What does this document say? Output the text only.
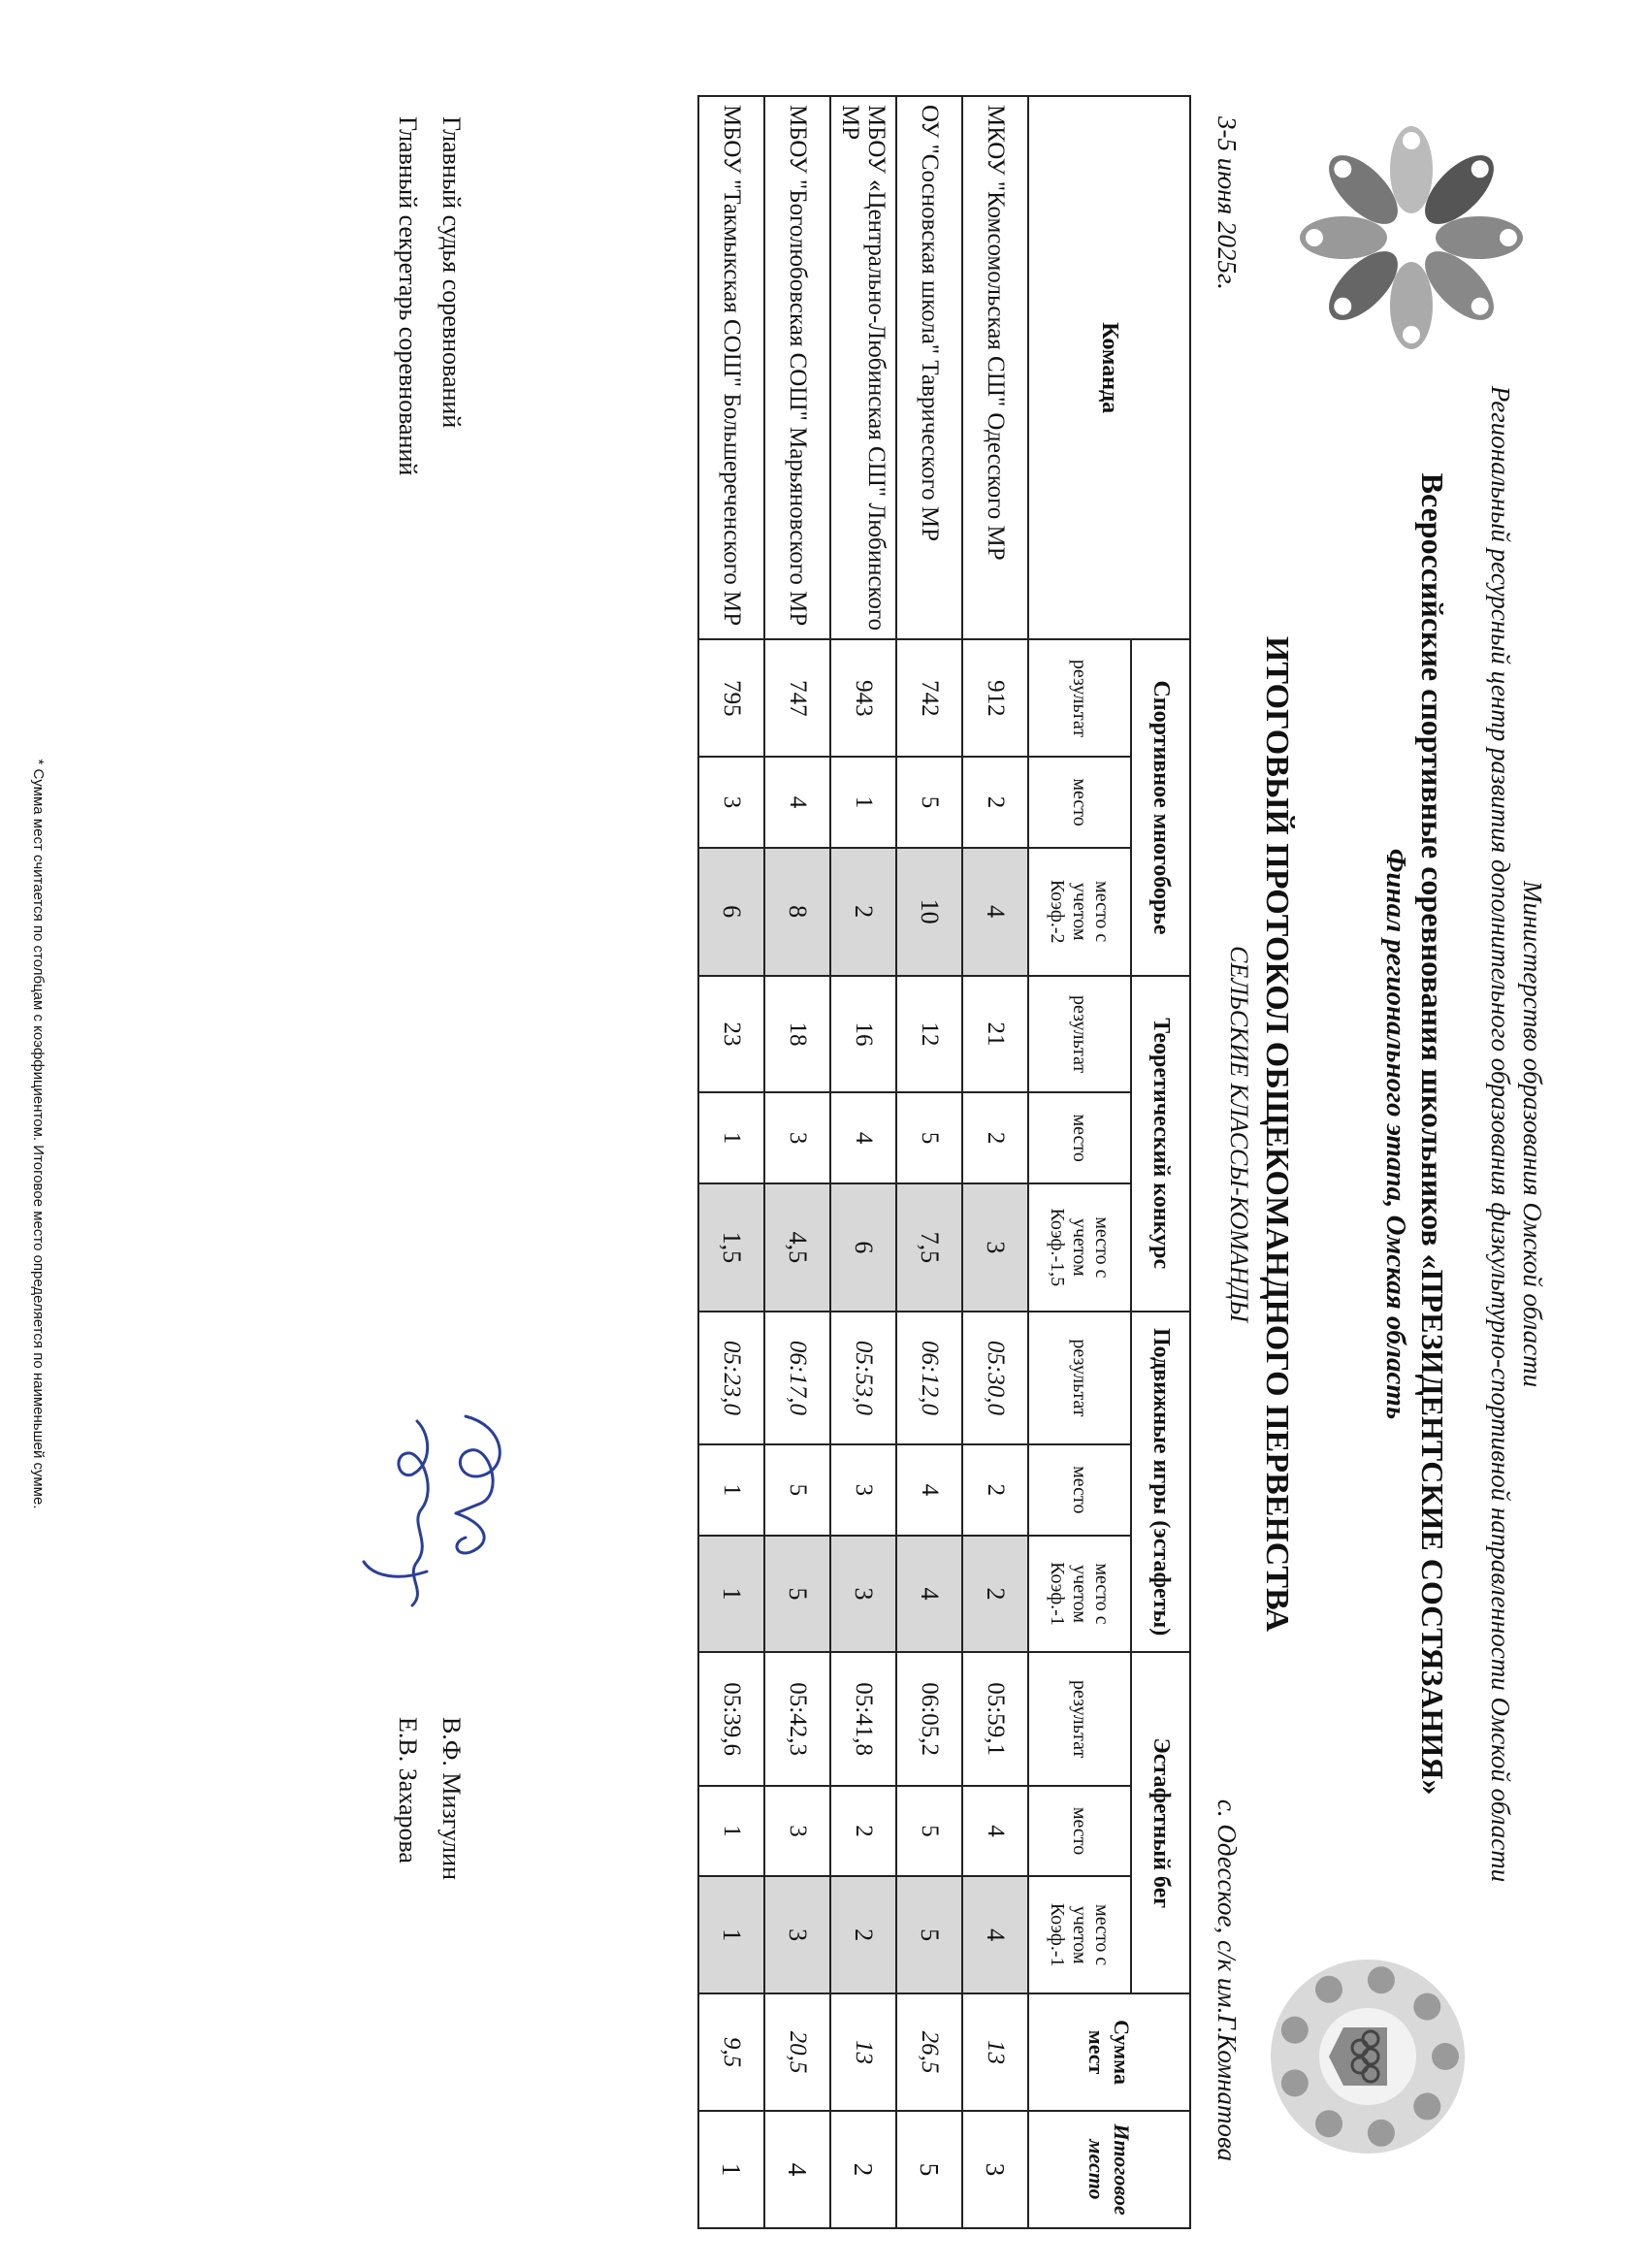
Министерство образования Омской области
Региональный ресурсный центр развития дополнительного образования физкультурно-спортивной направленности Омской области
Всероссийские спортивные соревнования школьников «ПРЕЗИДЕНТСКИЕ СОСТЯЗАНИЯ»
Финал регионального этапа, Омская область
ИТОГОВЫЙ ПРОТОКОЛ ОБЩЕКОМАНДНОГО ПЕРВЕНСТВА
СЕЛЬСКИЕ КЛАССЫ-КОМАНДЫ
3-5 июня 2025г.
с. Одесское, с/к им.Г.Комнатова
Команда	Спортивное многоборье			Теоретический конкурс			Подвижные игры (эстафеты)			Эстафетный бег			Сумма мест	Итоговое место
	результат	место	место с учетом Коэф.-2	результат	место	место с учетом Коэф.-1,5	результат	место	место с учетом Коэф.-1	результат	место	место с учетом Коэф.-1		
МКОУ "Комсомольская СШ" Одесского МР	912	2	4	21	2	3	05:30,0	2	2	05:59,1	4	4	13	3
ОУ "Сосновская школа" Таврического МР	742	5	10	12	5	7,5	06:12,0	4	4	06:05,2	5	5	26,5	5
МБОУ «Центрально-Любинская СШ" Любинского МР	943	1	2	16	4	6	05:53,0	3	3	05:41,8	2	2	13	2
МБОУ "Боголюбовская СОШ" Марьяновского МР	747	4	8	18	3	4,5	06:17,0	5	5	05:42,3	3	3	20,5	4
МБОУ "Такмыкская СОШ" Большереченского МР	795	3	6	23	1	1,5	05:23,0	1	1	05:39,6	1	1	9,5	1
Главный судья соревнований
В.Ф. Мизгулин
Главный секретарь соревнований
Е.В. Захарова
* Сумма мест считается по столбцам с коэффициентом. Итоговое место определяется по наименьшей сумме.
